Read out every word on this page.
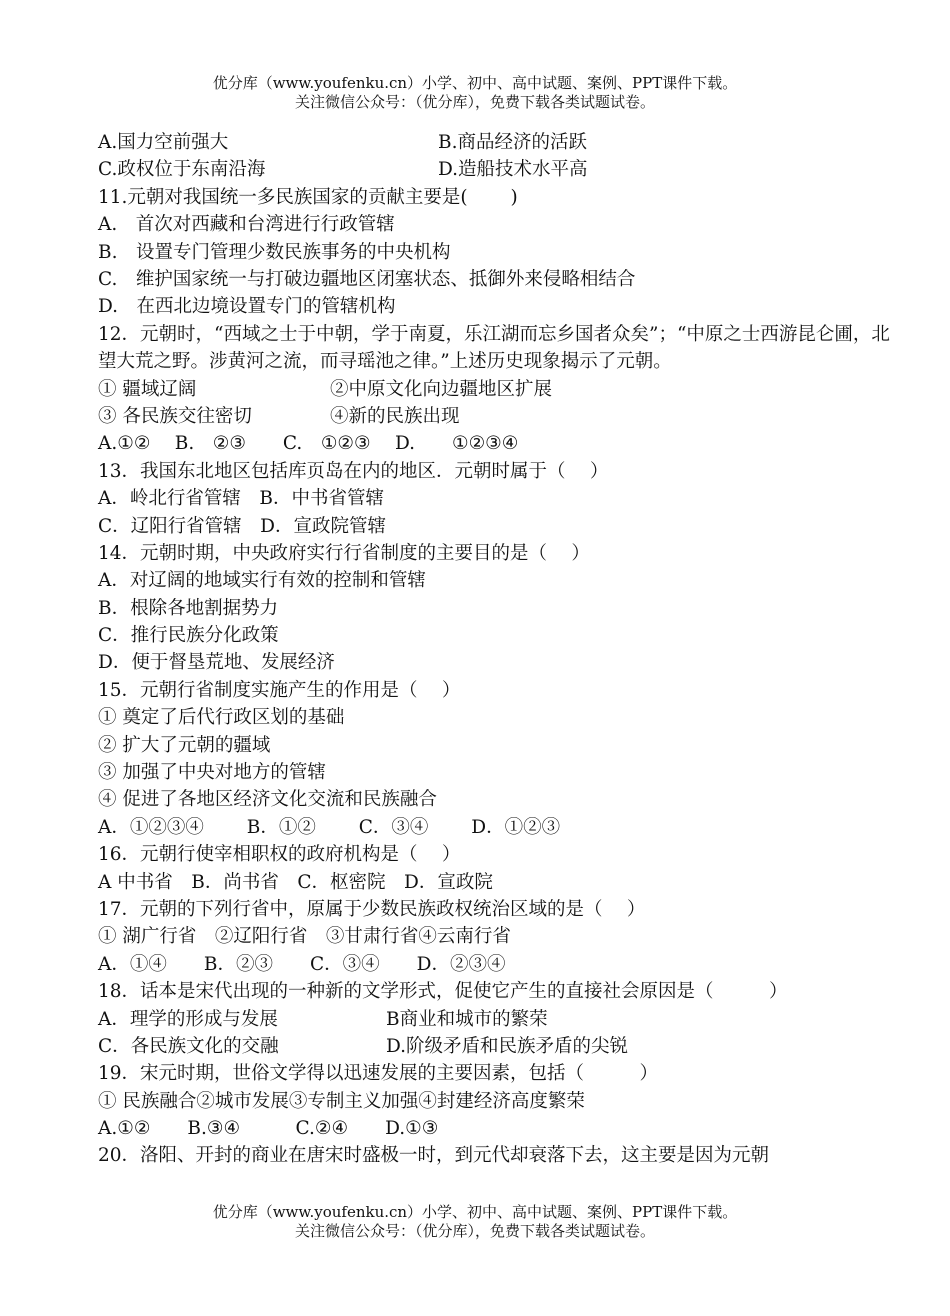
优分库（www.youfenku.cn）小学、初中、高中试题、案例、PPT课件下载。
关注微信公众号：（优分库），免费下载各类试题试卷。
A.国力空前强大	B.商品经济的活跃
C.政权位于东南沿海	D.造船技术水平高
11.元朝对我国统一多民族国家的贡献主要是(　　 )
A.　首次对西藏和台湾进行行政管辖
B.　设置专门管理少数民族事务的中央机构
C.　维护国家统一与打破边疆地区闭塞状态、抵御外来侵略相结合
D.　在西北边境设置专门的管辖机构
12．元朝时，“西域之士于中朝，学于南夏，乐江湖而忘乡国者众矣”；“中原之士西游昆仑圃，北望大荒之野。涉黄河之流，而寻瑶池之律。”上述历史现象揭示了元朝。
① 疆域辽阔	②中原文化向边疆地区扩展
③ 各民族交往密切	④新的民族出现
A.①②　 B.　②③　　C.　①②③　 D.　　①②③④
13．我国东北地区包括库页岛在内的地区．元朝时属于（　 ）
A．岭北行省管辖　B．中书省管辖
C．辽阳行省管辖　D．宣政院管辖
14．元朝时期，中央政府实行行省制度的主要目的是（　 ）
A．对辽阔的地域实行有效的控制和管辖
B．根除各地割据势力
C．推行民族分化政策
D．便于督垦荒地、发展经济
15．元朝行省制度实施产生的作用是（　 ）
① 奠定了后代行政区划的基础
② 扩大了元朝的疆域
③ 加强了中央对地方的管辖
④ 促进了各地区经济文化交流和民族融合
A．①②③④　　 B．①②　　 C．③④　　 D．①②③
16．元朝行使宰相职权的政府机构是（　 ）
A 中书省　B．尚书省　C．枢密院　D．宣政院
17．元朝的下列行省中，原属于少数民族政权统治区域的是（　 ）
① 湖广行省　②辽阳行省　③甘肃行省④云南行省
A．①④　　B．②③　　C．③④　　D．②③④
18．话本是宋代出现的一种新的文学形式，促使它产生的直接社会原因是（　　　）
A．理学的形成与发展	B商业和城市的繁荣
C．各民族文化的交融	D.阶级矛盾和民族矛盾的尖锐
19．宋元时期，世俗文学得以迅速发展的主要因素，包括（　　　）
① 民族融合②城市发展③专制主义加强④封建经济高度繁荣
A.①②　　B.③④　　　C.②④　　D.①③
20．洛阳、开封的商业在唐宋时盛极一时，到元代却衰落下去，这主要是因为元朝
优分库（www.youfenku.cn）小学、初中、高中试题、案例、PPT课件下载。
关注微信公众号：（优分库），免费下载各类试题试卷。
